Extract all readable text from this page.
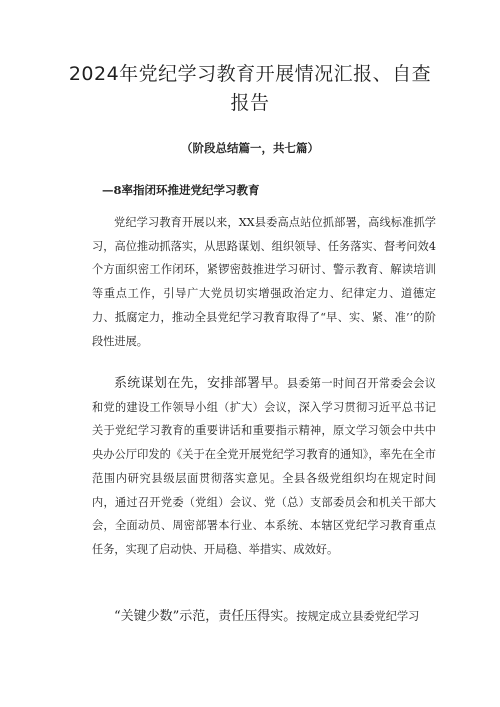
2024年党纪学习教育开展情况汇报、自查报告
（阶段总结篇一，共七篇）
—8率指闭环推进党纪学习教育

党纪学习教育开展以来，XX县委高点站位抓部署，高线标准抓学习，高位推动抓落实，从思路谋划、组织领导、任务落实、督考问效4个方面织密工作闭环，紧锣密鼓推进学习研讨、警示教育、解读培训等重点工作，引导广大党员切实增强政治定力、纪律定力、道德定力、抵腐定力，推动全县党纪学习教育取得了“早、实、紧、准’’的阶段性进展。

系统谋划在先，安排部署早。县委第一时间召开常委会会议和党的建设工作领导小组（扩大）会议，深入学习贯彻习近平总书记关于党纪学习教育的重要讲话和重要指示精神，原文学习领会中共中央办公厅印发的《关于在全党开展党纪学习教育的通知》，率先在全市范围内研究县级层面贯彻落实意见。全县各级党组织均在规定时间内，通过召开党委（党组）会议、党（总）支部委员会和机关干部大会，全面动员、周密部署本行业、本系统、本辖区党纪学习教育重点任务，实现了启动快、开局稳、举措实、成效好。

“关键少数”示范，责任压得实。按规定成立县委党纪学习
